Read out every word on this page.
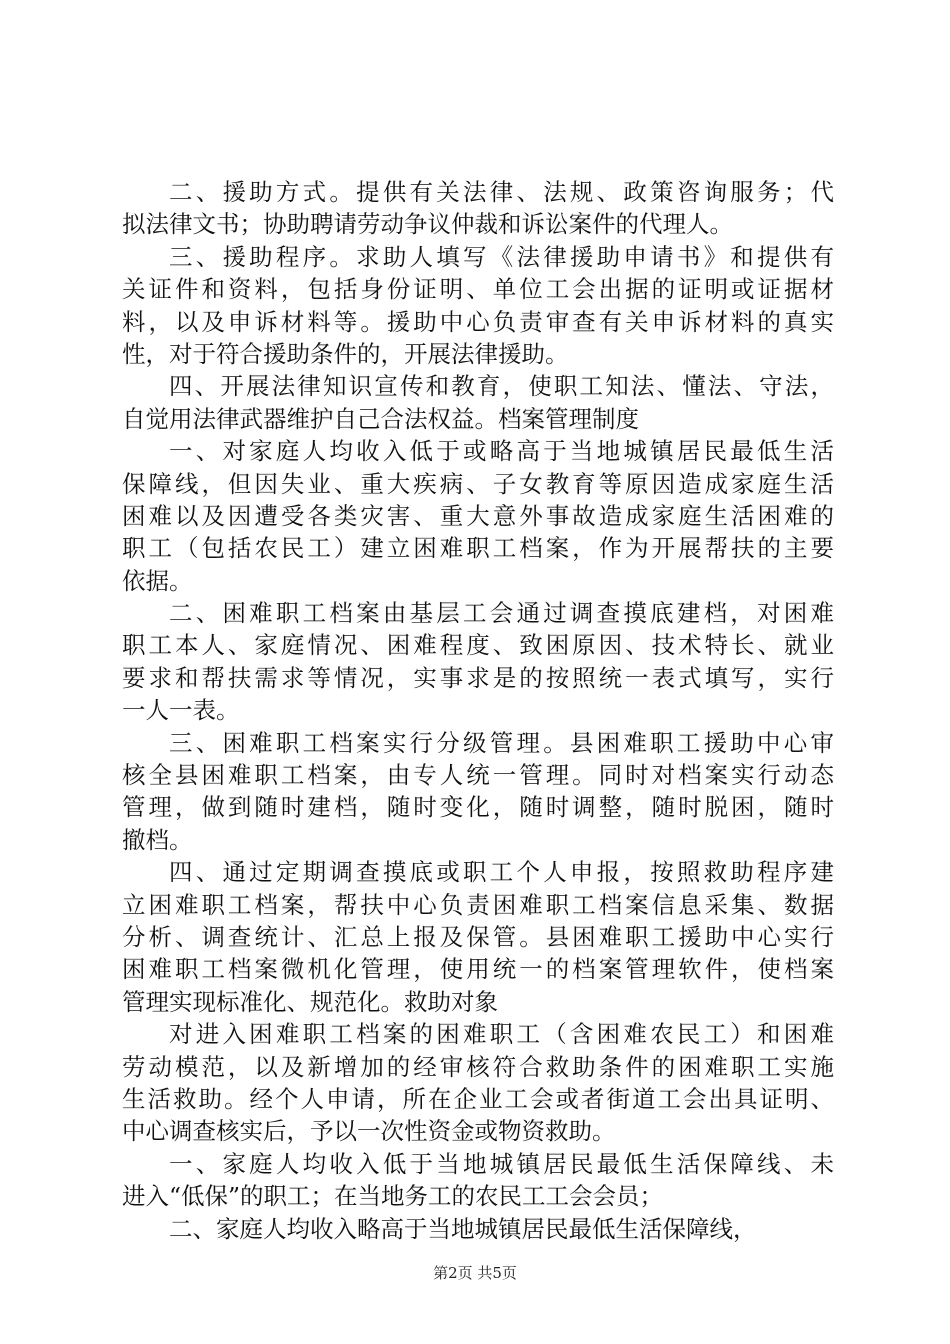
二、援助方式。提供有关法律、法规、政策咨询服务；代
拟法律文书；协助聘请劳动争议仲裁和诉讼案件的代理人。
三、援助程序。求助人填写《法律援助申请书》和提供有
关证件和资料，包括身份证明、单位工会出据的证明或证据材
料，以及申诉材料等。援助中心负责审查有关申诉材料的真实
性，对于符合援助条件的，开展法律援助。
四、开展法律知识宣传和教育，使职工知法、懂法、守法，
自觉用法律武器维护自己合法权益。档案管理制度
一、对家庭人均收入低于或略高于当地城镇居民最低生活
保障线，但因失业、重大疾病、子女教育等原因造成家庭生活
困难以及因遭受各类灾害、重大意外事故造成家庭生活困难的
职工（包括农民工）建立困难职工档案，作为开展帮扶的主要
依据。
二、困难职工档案由基层工会通过调查摸底建档，对困难
职工本人、家庭情况、困难程度、致困原因、技术特长、就业
要求和帮扶需求等情况，实事求是的按照统一表式填写，实行
一人一表。
三、困难职工档案实行分级管理。县困难职工援助中心审
核全县困难职工档案，由专人统一管理。同时对档案实行动态
管理，做到随时建档，随时变化，随时调整，随时脱困，随时
撤档。
四、通过定期调查摸底或职工个人申报，按照救助程序建
立困难职工档案，帮扶中心负责困难职工档案信息采集、数据
分析、调查统计、汇总上报及保管。县困难职工援助中心实行
困难职工档案微机化管理，使用统一的档案管理软件，使档案
管理实现标准化、规范化。救助对象
对进入困难职工档案的困难职工（含困难农民工）和困难
劳动模范，以及新增加的经审核符合救助条件的困难职工实施
生活救助。经个人申请，所在企业工会或者街道工会出具证明、
中心调查核实后，予以一次性资金或物资救助。
一、家庭人均收入低于当地城镇居民最低生活保障线、未
进入“低保”的职工；在当地务工的农民工工会会员；
二、家庭人均收入略高于当地城镇居民最低生活保障线，
第2页 共5页
